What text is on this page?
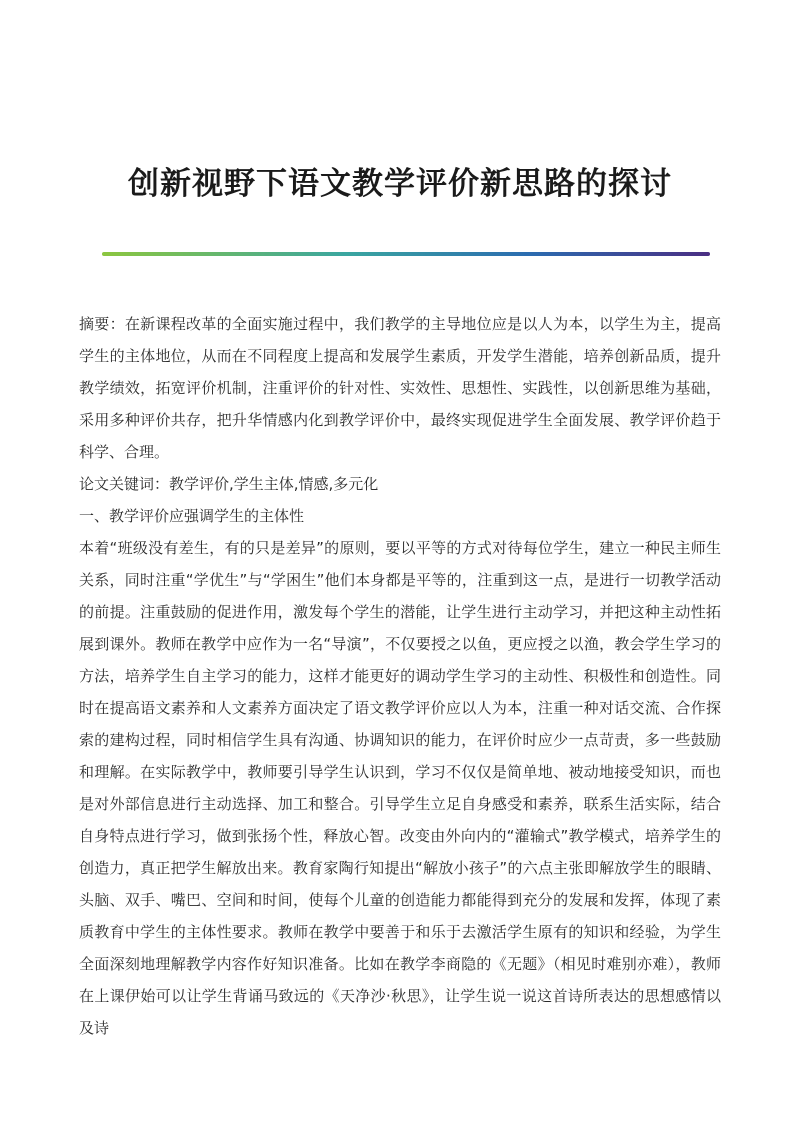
创新视野下语文教学评价新思路的探讨

摘要：在新课程改革的全面实施过程中，我们教学的主导地位应是以人为本，以学生为主，提高学生的主体地位，从而在不同程度上提高和发展学生素质，开发学生潜能，培养创新品质，提升教学绩效，拓宽评价机制，注重评价的针对性、实效性、思想性、实践性，以创新思维为基础，采用多种评价共存，把升华情感内化到教学评价中，最终实现促进学生全面发展、教学评价趋于科学、合理。

论文关键词：教学评价,学生主体,情感,多元化

一、教学评价应强调学生的主体性

本着“班级没有差生，有的只是差异”的原则，要以平等的方式对待每位学生，建立一种民主师生关系，同时注重“学优生”与“学困生”他们本身都是平等的，注重到这一点，是进行一切教学活动的前提。注重鼓励的促进作用，激发每个学生的潜能，让学生进行主动学习，并把这种主动性拓展到课外。教师在教学中应作为一名“导演”，不仅要授之以鱼，更应授之以渔，教会学生学习的方法，培养学生自主学习的能力，这样才能更好的调动学生学习的主动性、积极性和创造性。同时在提高语文素养和人文素养方面决定了语文教学评价应以人为本，注重一种对话交流、合作探索的建构过程，同时相信学生具有沟通、协调知识的能力，在评价时应少一点苛责，多一些鼓励和理解。在实际教学中，教师要引导学生认识到，学习不仅仅是简单地、被动地接受知识，而也是对外部信息进行主动选择、加工和整合。引导学生立足自身感受和素养，联系生活实际，结合自身特点进行学习，做到张扬个性，释放心智。改变由外向内的“灌输式”教学模式，培养学生的创造力，真正把学生解放出来。教育家陶行知提出“解放小孩子”的六点主张即解放学生的眼睛、头脑、双手、嘴巴、空间和时间，使每个儿童的创造能力都能得到充分的发展和发挥，体现了素质教育中学生的主体性要求。教师在教学中要善于和乐于去激活学生原有的知识和经验，为学生全面深刻地理解教学内容作好知识准备。比如在教学李商隐的《无题》（相见时难别亦难），教师在上课伊始可以让学生背诵马致远的《天净沙·秋思》，让学生说一说这首诗所表达的思想感情以及诗
